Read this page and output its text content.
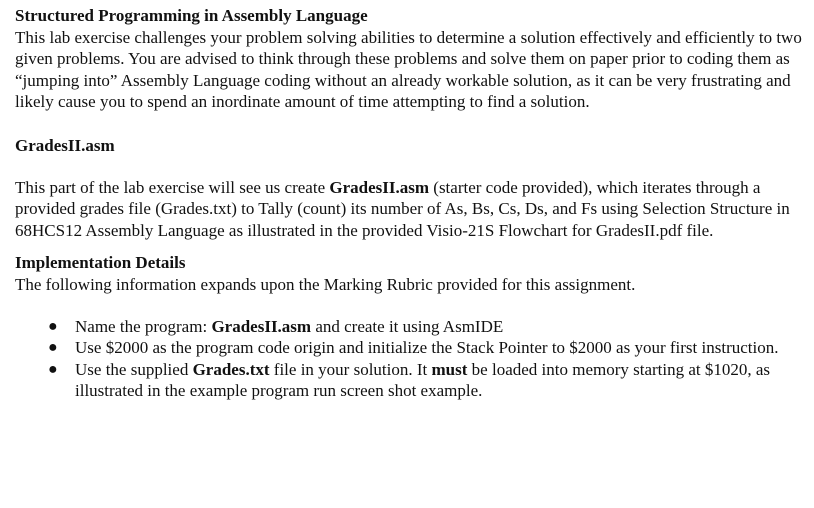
Structured Programming in Assembly Language

This lab exercise challenges your problem solving abilities to determine a solution effectively and efficiently to two given problems. You are advised to think through these problems and solve them on paper prior to coding them as “jumping into” Assembly Language coding without an already workable solution, as it can be very frustrating and likely cause you to spend an inordinate amount of time attempting to find a solution.

GradesII.asm

This part of the lab exercise will see us create GradesII.asm (starter code provided), which iterates through a provided grades file (Grades.txt) to Tally (count) its number of As, Bs, Cs, Ds, and Fs using Selection Structure in 68HCS12 Assembly Language as illustrated in the provided Visio-21S Flowchart for GradesII.pdf file.

Implementation Details

The following information expands upon the Marking Rubric provided for this assignment.

● Name the program: GradesII.asm and create it using AsmIDE
● Use $2000 as the program code origin and initialize the Stack Pointer to $2000 as your first instruction.
● Use the supplied Grades.txt file in your solution. It must be loaded into memory starting at $1020, as illustrated in the example program run screen shot example.
